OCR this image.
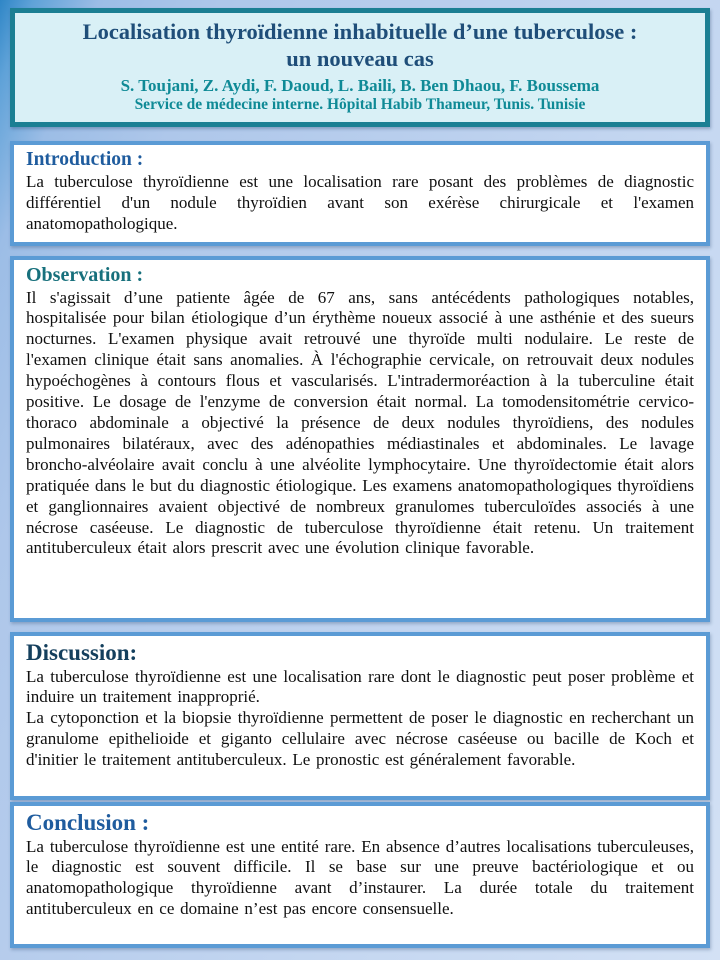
Localisation thyroïdienne inhabituelle d’une tuberculose :
un nouveau cas
S. Toujani, Z. Aydi, F. Daoud, L. Baili, B. Ben Dhaou, F. Boussema
Service de médecine interne. Hôpital Habib Thameur, Tunis. Tunisie
Introduction :

La tuberculose thyroïdienne est une localisation rare posant des problèmes de diagnostic différentiel d'un nodule thyroïdien avant son exérèse chirurgicale et l'examen anatomopathologique.

Observation :

Il s'agissait d’une patiente âgée de 67 ans, sans antécédents pathologiques notables, hospitalisée pour bilan étiologique d’un érythème noueux associé à une asthénie et des sueurs nocturnes. L'examen physique avait retrouvé une thyroïde multi nodulaire. Le reste de l'examen clinique était sans anomalies. À l'échographie cervicale, on retrouvait deux nodules hypoéchogènes à contours flous et vascularisés. L'intradermoréaction à la tuberculine était positive. Le dosage de l'enzyme de conversion était normal. La tomodensitométrie cervico-thoraco abdominale a objectivé la présence de deux nodules thyroïdiens, des nodules pulmonaires bilatéraux, avec des adénopathies médiastinales et abdominales. Le lavage broncho-alvéolaire avait conclu à une alvéolite lymphocytaire. Une thyroïdectomie était alors pratiquée dans le but du diagnostic étiologique. Les examens anatomopathologiques thyroïdiens et ganglionnaires avaient objectivé de nombreux granulomes tuberculoïdes associés à une nécrose caséeuse. Le diagnostic de tuberculose thyroïdienne était retenu. Un traitement antituberculeux était alors prescrit avec une évolution clinique favorable.

Discussion:

La tuberculose thyroïdienne est une localisation rare dont le diagnostic peut poser problème et induire un traitement inapproprié.

La cytoponction et la biopsie thyroïdienne permettent de poser le diagnostic en recherchant un granulome epithelioide et giganto cellulaire avec nécrose caséeuse ou bacille de Koch et d'initier le traitement antituberculeux. Le pronostic est généralement favorable.

Conclusion :

La tuberculose thyroïdienne est une entité rare. En absence d’autres localisations tuberculeuses, le diagnostic est souvent difficile. Il se base sur une preuve bactériologique et ou anatomopathologique thyroïdienne avant d’instaurer. La durée totale du traitement antituberculeux en ce domaine n’est pas encore consensuelle.
